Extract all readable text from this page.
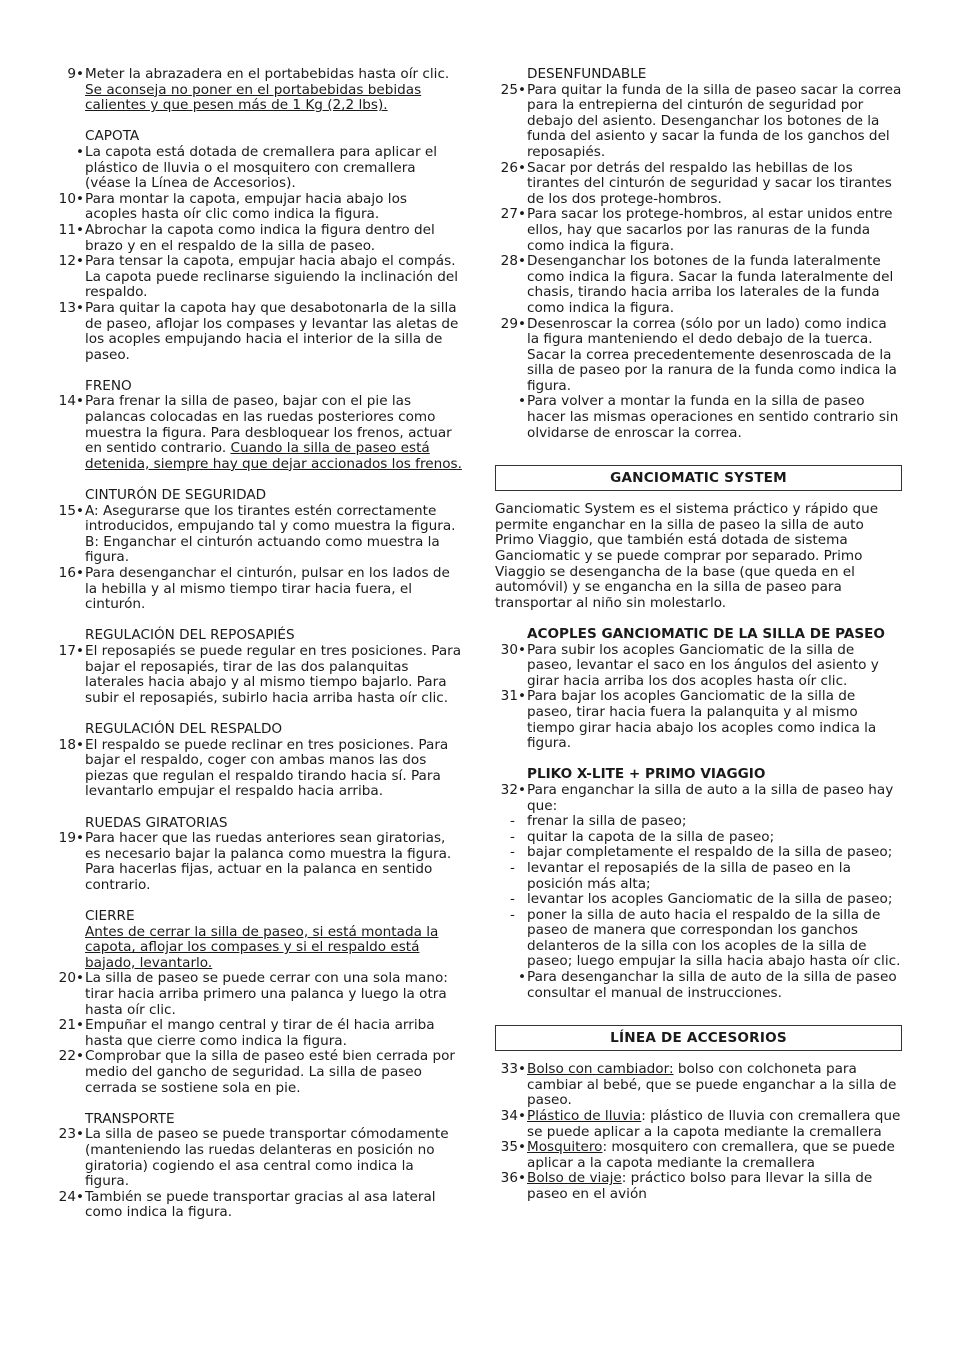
9• Meter la abrazadera en el portabebidas hasta oír clic.
Se aconseja no poner en el portabebidas bebidas calientes y que pesen más de 1 Kg (2,2 lbs).
CAPOTA
• La capota está dotada de cremallera para aplicar el plástico de lluvia o el mosquitero con cremallera (véase la Línea de Accesorios).
10• Para montar la capota, empujar hacia abajo los acoples hasta oír clic como indica la figura.
11• Abrochar la capota como indica la figura dentro del brazo y en el respaldo de la silla de paseo.
12• Para tensar la capota, empujar hacia abajo el compás. La capota puede reclinarse siguiendo la inclinación del respaldo.
13• Para quitar la capota hay que desabotonarla de la silla de paseo, aflojar los compases y levantar las aletas de los acoples empujando hacia el interior de la silla de paseo.
FRENO
14• Para frenar la silla de paseo, bajar con el pie las palancas colocadas en las ruedas posteriores como muestra la figura. Para desbloquear los frenos, actuar en sentido contrario. Cuando la silla de paseo está detenida, siempre hay que dejar accionados los frenos.
CINTURÓN DE SEGURIDAD
15• A: Asegurarse que los tirantes estén correctamente introducidos, empujando tal y como muestra la figura. B: Enganchar el cinturón actuando como muestra la figura.
16• Para desenganchar el cinturón, pulsar en los lados de la hebilla y al mismo tiempo tirar hacia fuera, el cinturón.
REGULACIÓN DEL REPOSAPIÉS
17• El reposapiés se puede regular en tres posiciones. Para bajar el reposapiés, tirar de las dos palanquitas laterales hacia abajo y al mismo tiempo bajarlo. Para subir el reposapiés, subirlo hacia arriba hasta oír clic.
REGULACIÓN DEL RESPALDO
18• El respaldo se puede reclinar en tres posiciones. Para bajar el respaldo, coger con ambas manos las dos piezas que regulan el respaldo tirando hacia sí. Para levantarlo empujar el respaldo hacia arriba.
RUEDAS GIRATORIAS
19• Para hacer que las ruedas anteriores sean giratorias, es necesario bajar la palanca como muestra la figura. Para hacerlas fijas, actuar en la palanca en sentido contrario.
CIERRE
Antes de cerrar la silla de paseo, si está montada la capota, aflojar los compases y si el respaldo está bajado, levantarlo.
20• La silla de paseo se puede cerrar con una sola mano: tirar hacia arriba primero una palanca y luego la otra hasta oír clic.
21• Empuñar el mango central y tirar de él hacia arriba hasta que cierre como indica la figura.
22• Comprobar que la silla de paseo esté bien cerrada por medio del gancho de seguridad. La silla de paseo cerrada se sostiene sola en pie.
TRANSPORTE
23• La silla de paseo se puede transportar cómodamente (manteniendo las ruedas delanteras en posición no giratoria) cogiendo el asa central como indica la figura.
24• También se puede transportar gracias al asa lateral como indica la figura.
DESENFUNDABLE
25• Para quitar la funda de la silla de paseo sacar la correa para la entrepierna del cinturón de seguridad por debajo del asiento. Desenganchar los botones de la funda del asiento y sacar la funda de los ganchos del reposapiés.
26• Sacar por detrás del respaldo las hebillas de los tirantes del cinturón de seguridad y sacar los tirantes de los dos protege-hombros.
27• Para sacar los protege-hombros, al estar unidos entre ellos, hay que sacarlos por las ranuras de la funda como indica la figura.
28• Desenganchar los botones de la funda lateralmente como indica la figura. Sacar la funda lateralmente del chasis, tirando hacia arriba los laterales de la funda como indica la figura.
29• Desenroscar la correa (sólo por un lado) como indica la figura manteniendo el dedo debajo de la tuerca. Sacar la correa precedentemente desenroscada de la silla de paseo por la ranura de la funda como indica la figura.
• Para volver a montar la funda en la silla de paseo hacer las mismas operaciones en sentido contrario sin olvidarse de enroscar la correa.
GANCIOMATIC SYSTEM
Ganciomatic System es el sistema práctico y rápido que permite enganchar en la silla de paseo la silla de auto Primo Viaggio, que también está dotada de sistema Ganciomatic y se puede comprar por separado. Primo Viaggio se desengancha de la base (que queda en el automóvil) y se engancha en la silla de paseo para transportar al niño sin molestarlo.
ACOPLES GANCIOMATIC DE LA SILLA DE PASEO
30• Para subir los acoples Ganciomatic de la silla de paseo, levantar el saco en los ángulos del asiento y girar hacia arriba los dos acoples hasta oír clic.
31• Para bajar los acoples Ganciomatic de la silla de paseo, tirar hacia fuera la palanquita y al mismo tiempo girar hacia abajo los acoples como indica la figura.
PLIKO X-LITE + PRIMO VIAGGIO
32• Para enganchar la silla de auto a la silla de paseo hay que:
- frenar la silla de paseo;
- quitar la capota de la silla de paseo;
- bajar completamente el respaldo de la silla de paseo;
- levantar el reposapiés de la silla de paseo en la posición más alta;
- levantar los acoples Ganciomatic de la silla de paseo;
- poner la silla de auto hacia el respaldo de la silla de paseo de manera que correspondan los ganchos delanteros de la silla con los acoples de la silla de paseo; luego empujar la silla hacia abajo hasta oír clic.
• Para desenganchar la silla de auto de la silla de paseo consultar el manual de instrucciones.
LÍNEA DE ACCESORIOS
33• Bolso con cambiador: bolso con colchoneta para cambiar al bebé, que se puede enganchar a la silla de paseo.
34• Plástico de lluvia: plástico de lluvia con cremallera que se puede aplicar a la capota mediante la cremallera
35• Mosquitero: mosquitero con cremallera, que se puede aplicar a la capota mediante la cremallera
36• Bolso de viaje: práctico bolso para llevar la silla de paseo en el avión
